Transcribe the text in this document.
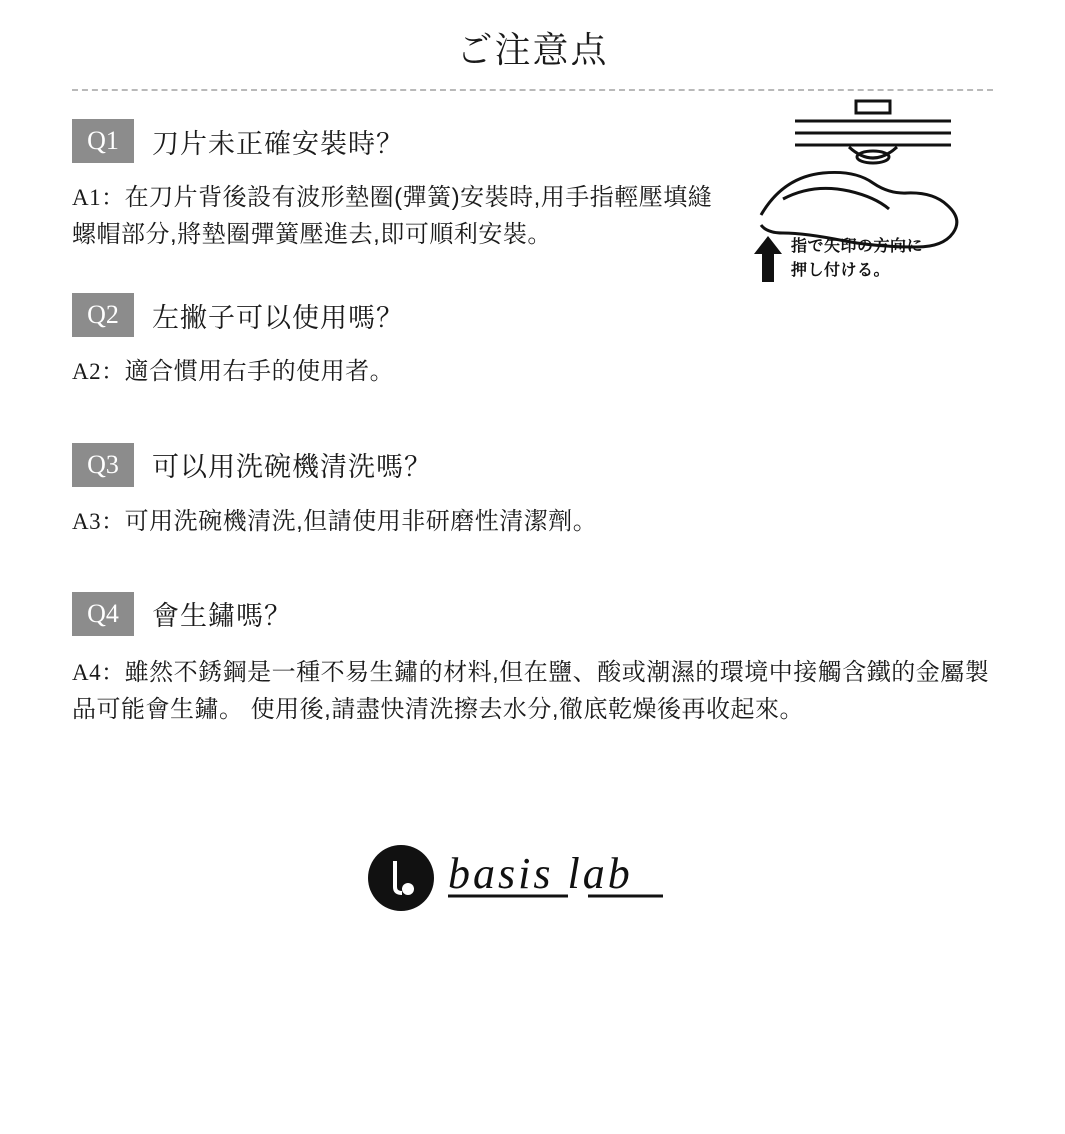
ご注意点
指で矢印の方向に
押し付ける。
Q1	刀片未正確安裝時？
A1：在刀片背後設有波形墊圈(彈簧)安裝時,用手指輕壓填縫螺帽部分,將墊圈彈簧壓進去,即可順利安裝。
Q2	左撇子可以使用嗎？
A2：適合慣用右手的使用者。
Q3	可以用洗碗機清洗嗎？
A3：可用洗碗機清洗,但請使用非研磨性清潔劑。
Q4	會生鏽嗎？
A4：雖然不銹鋼是一種不易生鏽的材料,但在鹽、酸或潮濕的環境中接觸含鐵的金屬製品可能會生鏽。 使用後,請盡快清洗擦去水分,徹底乾燥後再收起來。
basis lab
